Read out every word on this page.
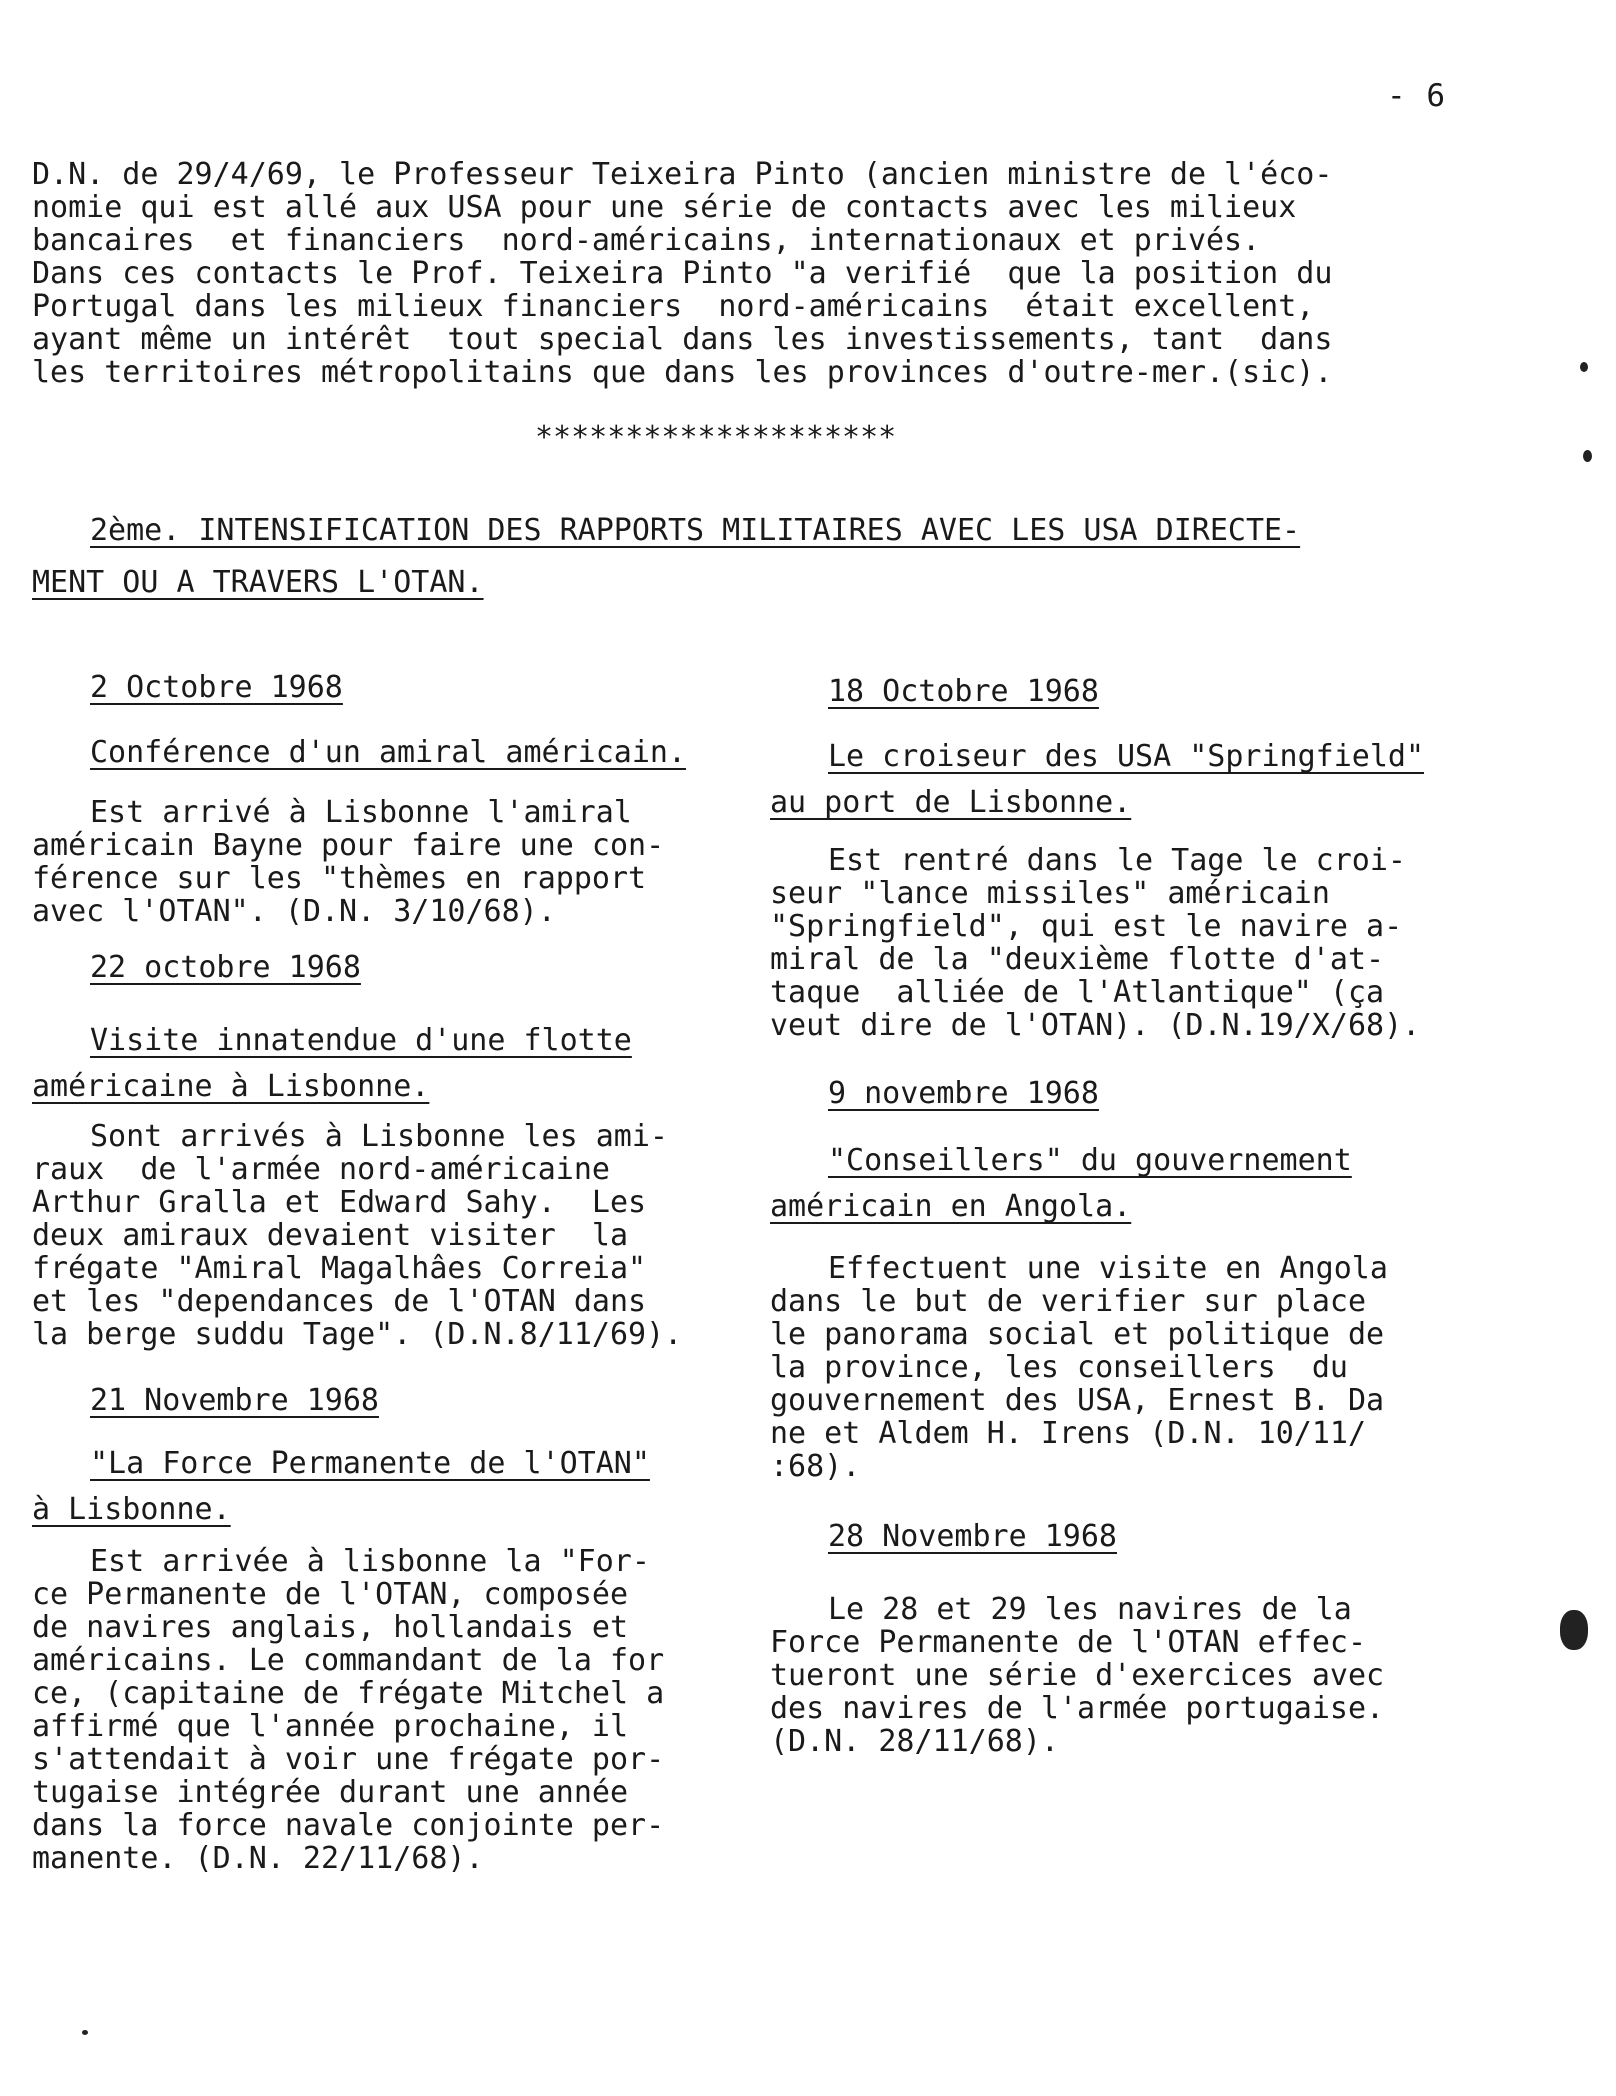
- 6
D.N. de 29/4/69, le Professeur Teixeira Pinto (ancien ministre de l'éco-
nomie qui est allé aux USA pour une série de contacts avec les milieux
bancaires  et financiers  nord-américains, internationaux et privés.
Dans ces contacts le Prof. Teixeira Pinto "a verifié  que la position du
Portugal dans les milieux financiers  nord-américains  était excellent,
ayant même un intérêt  tout special dans les investissements, tant  dans
les territoires métropolitains que dans les provinces d'outre-mer.(sic).
********************
2ème. INTENSIFICATION DES RAPPORTS MILITAIRES AVEC LES USA DIRECTE-
MENT OU A TRAVERS L'OTAN.
2 Octobre 1968
Conférence d'un amiral américain.
Est arrivé à Lisbonne l'amiral
américain Bayne pour faire une con-
férence sur les "thèmes en rapport
avec l'OTAN". (D.N. 3/10/68).
22 octobre 1968
Visite innatendue d'une flotte
américaine à Lisbonne.
Sont arrivés à Lisbonne les ami-
raux  de l'armée nord-américaine
Arthur Gralla et Edward Sahy.  Les
deux amiraux devaient visiter  la
frégate "Amiral Magalhâes Correia"
et les "dependances de l'OTAN dans
la berge suddu Tage". (D.N.8/11/69).
21 Novembre 1968
"La Force Permanente de l'OTAN"
à Lisbonne.
Est arrivée à lisbonne la "For-
ce Permanente de l'OTAN, composée
de navires anglais, hollandais et
américains. Le commandant de la for
ce, (capitaine de frégate Mitchel a
affirmé que l'année prochaine, il
s'attendait à voir une frégate por-
tugaise intégrée durant une année
dans la force navale conjointe per-
manente. (D.N. 22/11/68).
18 Octobre 1968
Le croiseur des USA "Springfield"
au port de Lisbonne.
Est rentré dans le Tage le croi-
seur "lance missiles" américain
"Springfield", qui est le navire a-
miral de la "deuxième flotte d'at-
taque  alliée de l'Atlantique" (ça
veut dire de l'OTAN). (D.N.19/X/68).
9 novembre 1968
"Conseillers" du gouvernement
américain en Angola.
Effectuent une visite en Angola
dans le but de verifier sur place
le panorama social et politique de
la province, les conseillers  du
gouvernement des USA, Ernest B. Da
ne et Aldem H. Irens (D.N. 10/11/
:68).
28 Novembre 1968
Le 28 et 29 les navires de la
Force Permanente de l'OTAN effec-
tueront une série d'exercices avec
des navires de l'armée portugaise.
(D.N. 28/11/68).
